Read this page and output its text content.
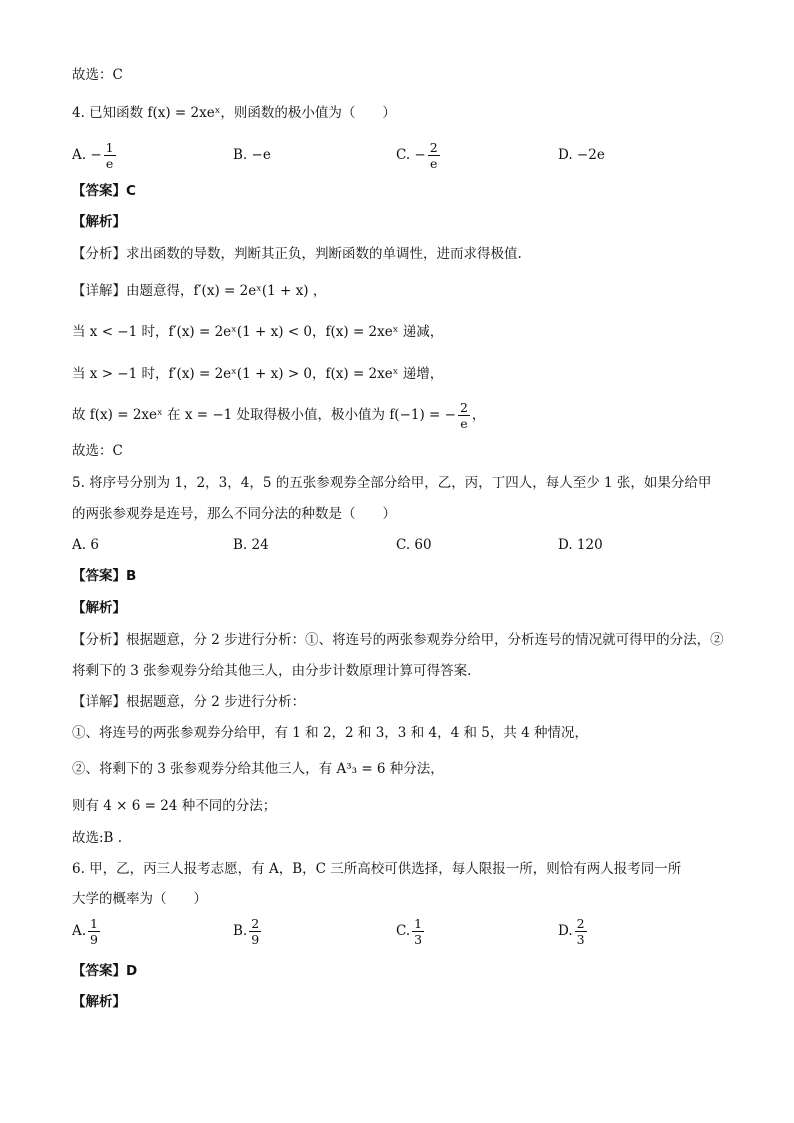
故选：C
4. 已知函数 f(x) = 2xeˣ，则函数的极小值为（　　）
A. − $\frac{1}{e}$	B. −e	C. − $\frac{2}{e}$	D. −2e
【答案】C
【解析】
【分析】求出函数的导数，判断其正负，判断函数的单调性，进而求得极值.
【详解】由题意得，f′(x) = 2eˣ(1 + x) ，
当 x < −1 时，f′(x) = 2eˣ(1 + x) < 0，f(x) = 2xeˣ 递减，
当 x > −1 时，f′(x) = 2eˣ(1 + x) > 0，f(x) = 2xeˣ 递增，
故 f(x) = 2xeˣ 在 x = −1 处取得极小值，极小值为 f(−1) = − $\frac{2}{e}$ ，
故选：C
5. 将序号分别为 1，2，3，4，5 的五张参观券全部分给甲，乙，丙，丁四人，每人至少 1 张，如果分给甲
的两张参观券是连号，那么不同分法的种数是（　　）
A. 6	B. 24	C. 60	D. 120
【答案】B
【解析】
【分析】根据题意，分 2 步进行分析：①、将连号的两张参观券分给甲，分析连号的情况就可得甲的分法，②
将剩下的 3 张参观券分给其他三人，由分步计数原理计算可得答案.
【详解】根据题意，分 2 步进行分析：
①、将连号的两张参观券分给甲，有 1 和 2，2 和 3，3 和 4，4 和 5，共 4 种情况，
②、将剩下的 3 张参观券分给其他三人，有 A³₃ = 6 种分法，
则有 4 × 6 = 24 种不同的分法；
故选:B .
6. 甲，乙，丙三人报考志愿，有 A，B，C 三所高校可供选择，每人限报一所，则恰有两人报考同一所
大学的概率为（　　）
A. $\frac{1}{9}$	B. $\frac{2}{9}$	C. $\frac{1}{3}$	D. $\frac{2}{3}$
【答案】D
【解析】
